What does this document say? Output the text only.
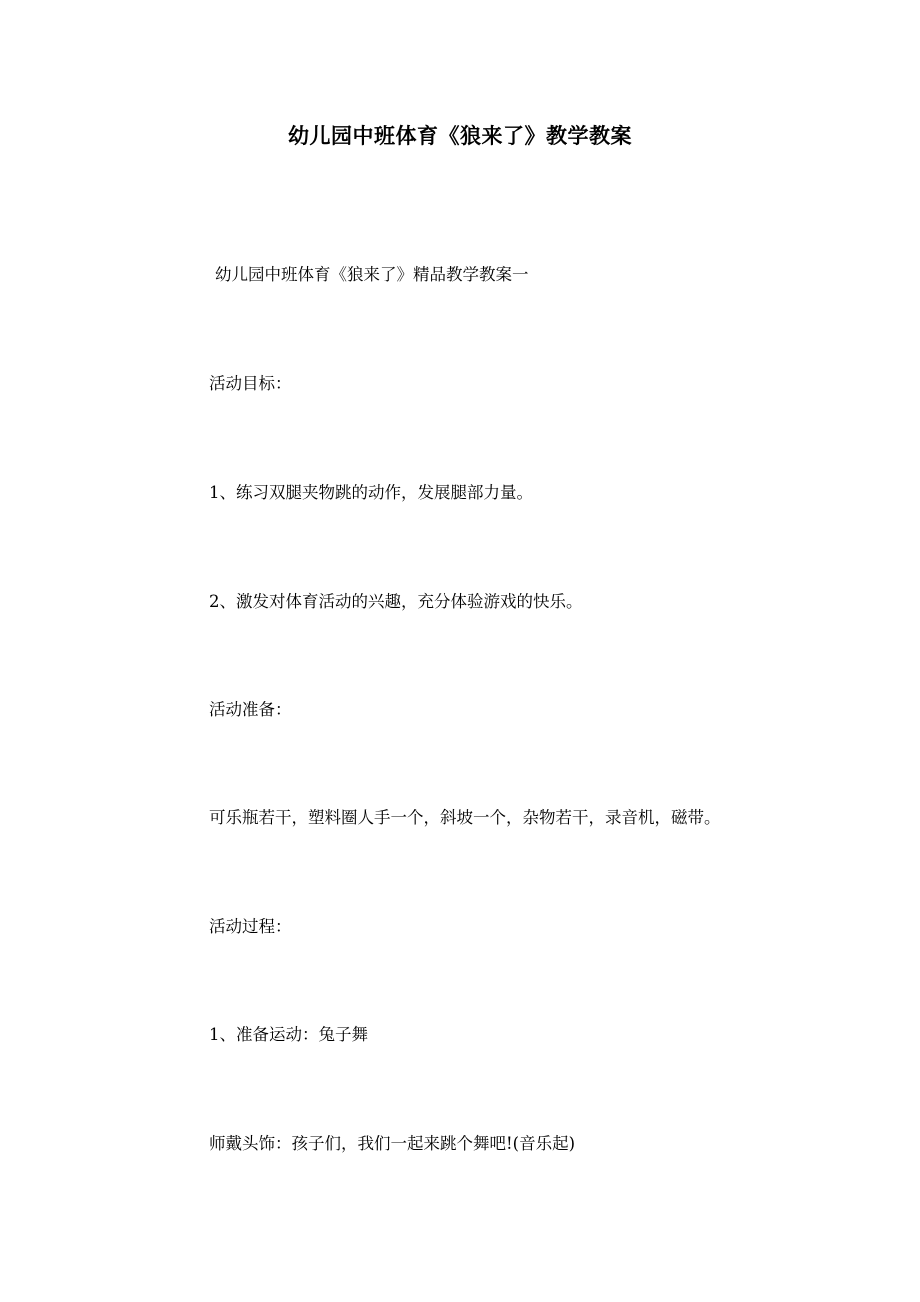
幼儿园中班体育《狼来了》教学教案
幼儿园中班体育《狼来了》精品教学教案一
活动目标：
1、练习双腿夹物跳的动作，发展腿部力量。
2、激发对体育活动的兴趣，充分体验游戏的快乐。
活动准备：
可乐瓶若干，塑料圈人手一个，斜坡一个，杂物若干，录音机，磁带。
活动过程：
1、准备运动：兔子舞
师戴头饰：孩子们，我们一起来跳个舞吧!(音乐起)
